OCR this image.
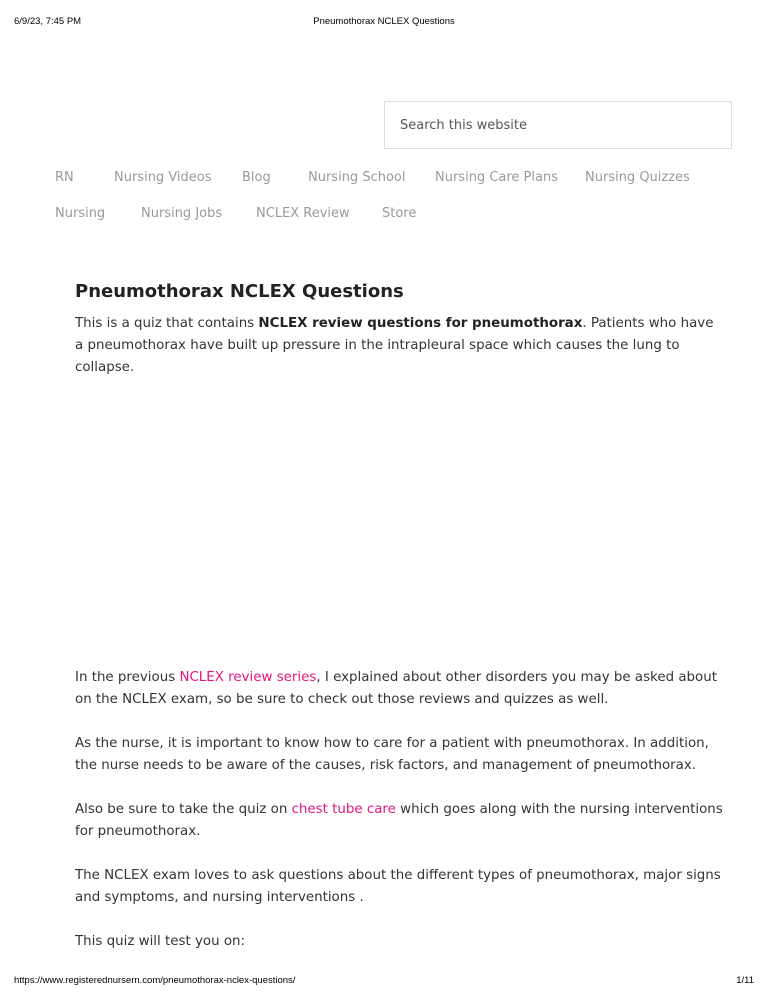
6/9/23, 7:45 PM	Pneumothorax NCLEX Questions
Search this website
RN	Nursing Videos Blog	Nursing School Nursing Care Plans Nursing Quizzes
Nursing	Nursing Jobs	NCLEX Review Store
Pneumothorax NCLEX Questions

This is a quiz that contains NCLEX review questions for pneumothorax. Patients who have a pneumothorax have built up pressure in the intrapleural space which causes the lung to collapse.

In the previous NCLEX review series, I explained about other disorders you may be asked about on the NCLEX exam, so be sure to check out those reviews and quizzes as well.

As the nurse, it is important to know how to care for a patient with pneumothorax. In addition, the nurse needs to be aware of the causes, risk factors, and management of pneumothorax.

Also be sure to take the quiz on chest tube care which goes along with the nursing interventions for pneumothorax.

The NCLEX exam loves to ask questions about the different types of pneumothorax, major signs and symptoms, and nursing interventions .

This quiz will test you on:

https://www.registerednursern.com/pneumothorax-nclex-questions/	1/11
